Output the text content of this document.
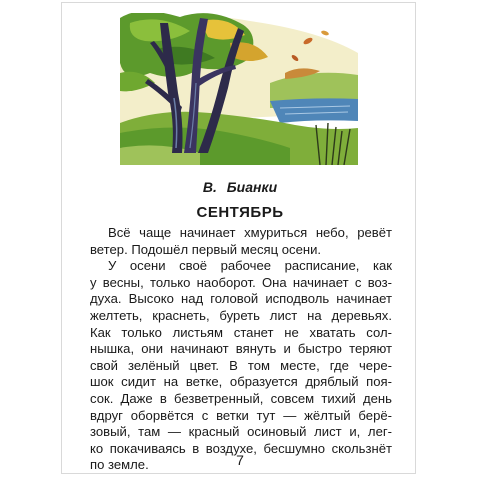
В. Бианки
СЕНТЯБРЬ

Всё чаще начинает хмуриться небо, ревёт
ветер. Подошёл первый месяц осени.

У осени своё рабочее расписание, как
у весны, только наоборот. Она начинает с воз-
духа. Высоко над головой исподволь начинает
желтеть, краснеть, буреть лист на деревьях.
Как только листьям станет не хватать сол-
нышка, они начинают вянуть и быстро теряют
свой зелёный цвет. В том месте, где чере-
шок сидит на ветке, образуется дряблый поя-
сок. Даже в безветренный, совсем тихий день
вдруг оборвётся с ветки тут — жёлтый берё-
зовый, там — красный осиновый лист и, лег-
ко покачиваясь в воздухе, бесшумно скользнёт
по земле.	7
